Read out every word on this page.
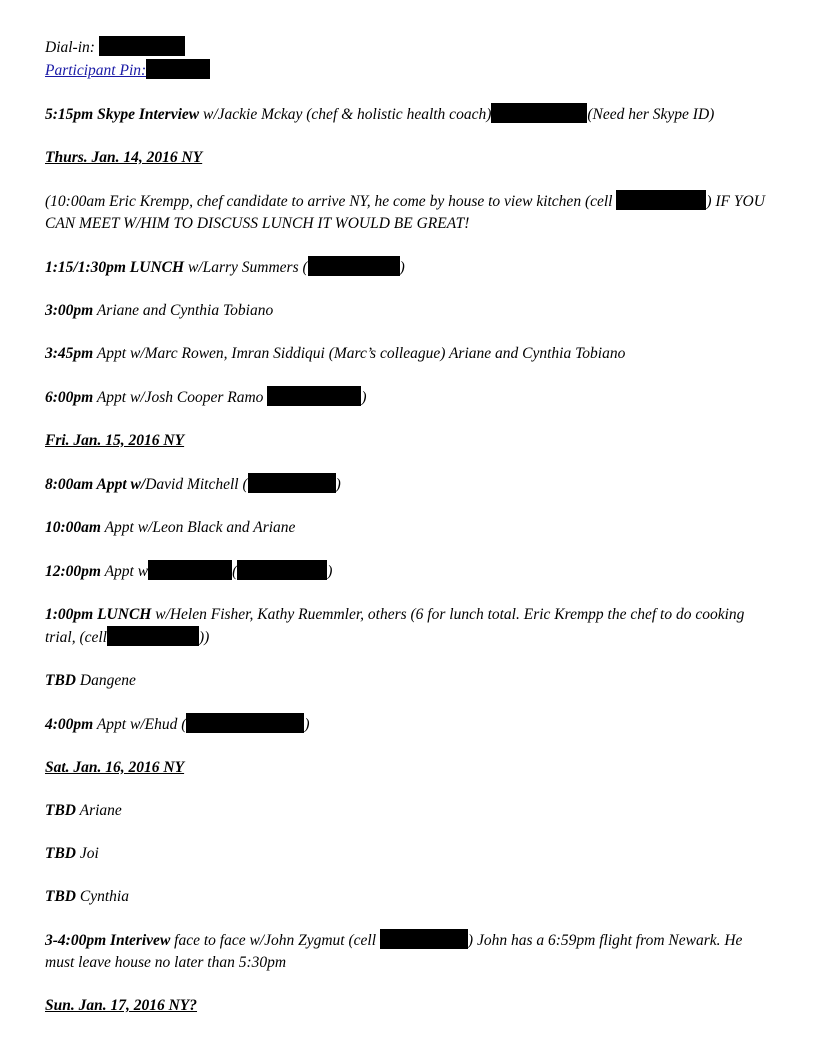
Dial-in:

Participant Pin:

5:15pm Skype Interview w/Jackie Mckay (chef & holistic health coach)	(Need her Skype ID)

Thurs. Jan. 14, 2016 NY

(10:00am Eric Krempp, chef candidate to arrive NY, he come by house to view kitchen (cell	) IF YOU CAN MEET W/HIM TO DISCUSS LUNCH IT WOULD BE GREAT!

1:15/1:30pm LUNCH w/Larry Summers (	)

3:00pm Ariane and Cynthia Tobiano

3:45pm Appt w/Marc Rowen, Imran Siddiqui (Marc’s colleague) Ariane and Cynthia Tobiano

6:00pm Appt w/Josh Cooper Ramo	)

Fri. Jan. 15, 2016 NY

8:00am Appt w/David Mitchell (	)

10:00am Appt w/Leon Black and Ariane

12:00pm Appt w	(	)

1:00pm LUNCH w/Helen Fisher, Kathy Ruemmler, others (6 for lunch total. Eric Krempp the chef to do cooking trial, (cell	))

TBD Dangene

4:00pm Appt w/Ehud (	)

Sat. Jan. 16, 2016 NY

TBD Ariane

TBD Joi

TBD Cynthia

3-4:00pm Interivew face to face w/John Zygmut (cell	) John has a 6:59pm flight from Newark. He must leave house no later than 5:30pm

Sun. Jan. 17, 2016 NY?
